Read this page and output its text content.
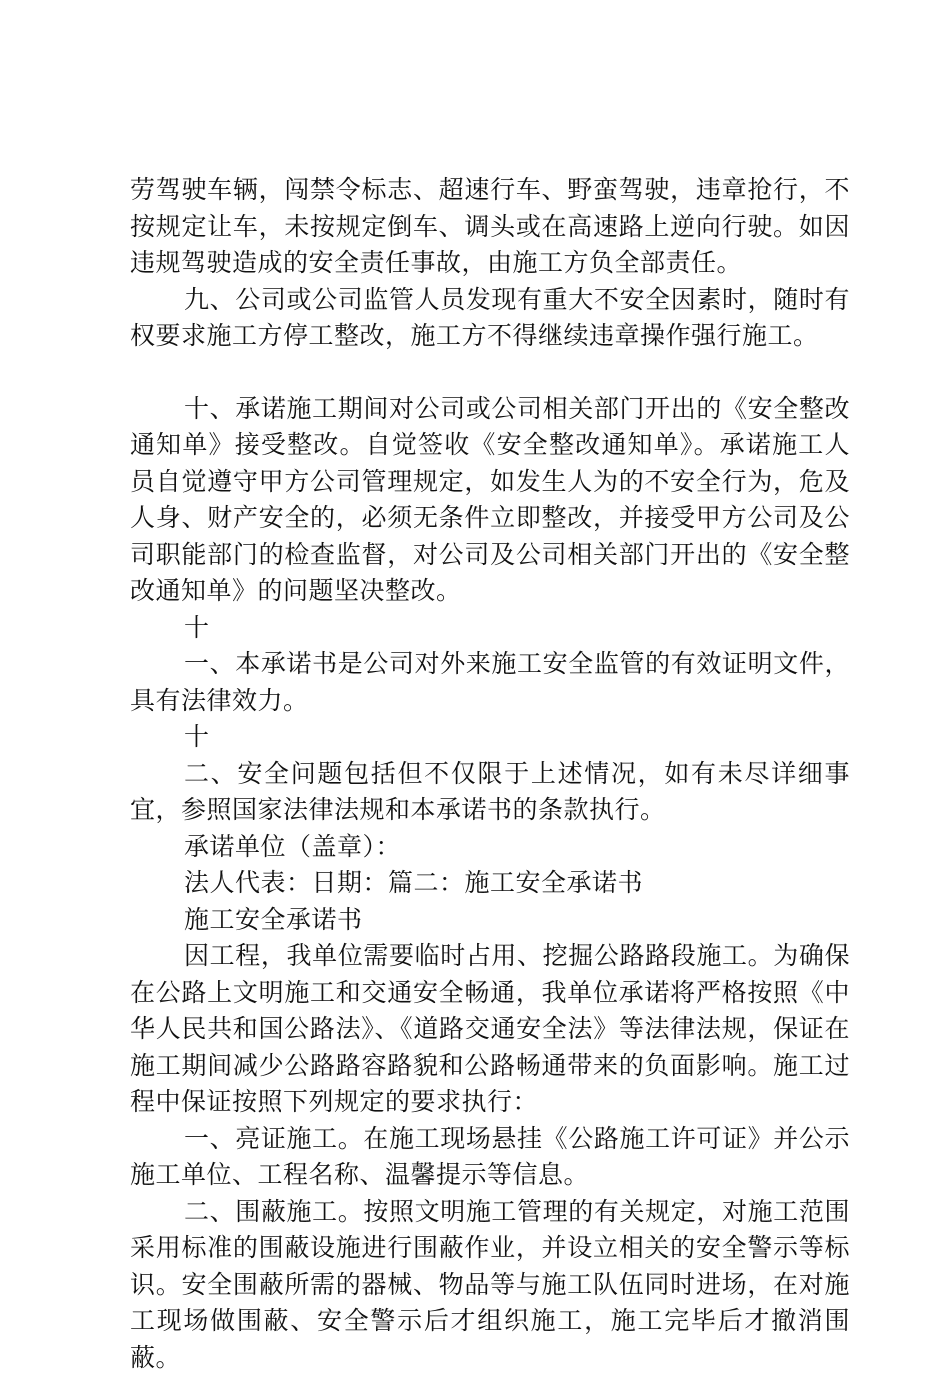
劳驾驶车辆，闯禁令标志、超速行车、野蛮驾驶，违章抢行，不按规定让车，未按规定倒车、调头或在高速路上逆向行驶。如因违规驾驶造成的安全责任事故，由施工方负全部责任。

九、公司或公司监管人员发现有重大不安全因素时，随时有权要求施工方停工整改，施工方不得继续违章操作强行施工。

十、承诺施工期间对公司或公司相关部门开出的《安全整改通知单》接受整改。自觉签收《安全整改通知单》。承诺施工人员自觉遵守甲方公司管理规定，如发生人为的不安全行为，危及人身、财产安全的，必须无条件立即整改，并接受甲方公司及公司职能部门的检查监督，对公司及公司相关部门开出的《安全整改通知单》的问题坚决整改。

十

一、本承诺书是公司对外来施工安全监管的有效证明文件，具有法律效力。

十

二、安全问题包括但不仅限于上述情况，如有未尽详细事宜，参照国家法律法规和本承诺书的条款执行。

承诺单位（盖章）：

法人代表：日期：篇二：施工安全承诺书

施工安全承诺书

因工程，我单位需要临时占用、挖掘公路路段施工。为确保在公路上文明施工和交通安全畅通，我单位承诺将严格按照《中华人民共和国公路法》、《道路交通安全法》等法律法规，保证在施工期间减少公路路容路貌和公路畅通带来的负面影响。施工过程中保证按照下列规定的要求执行：

一、亮证施工。在施工现场悬挂《公路施工许可证》并公示施工单位、工程名称、温馨提示等信息。

二、围蔽施工。按照文明施工管理的有关规定，对施工范围采用标准的围蔽设施进行围蔽作业，并设立相关的安全警示等标识。安全围蔽所需的器械、物品等与施工队伍同时进场，在对施工现场做围蔽、安全警示后才组织施工，施工完毕后才撤消围蔽。
